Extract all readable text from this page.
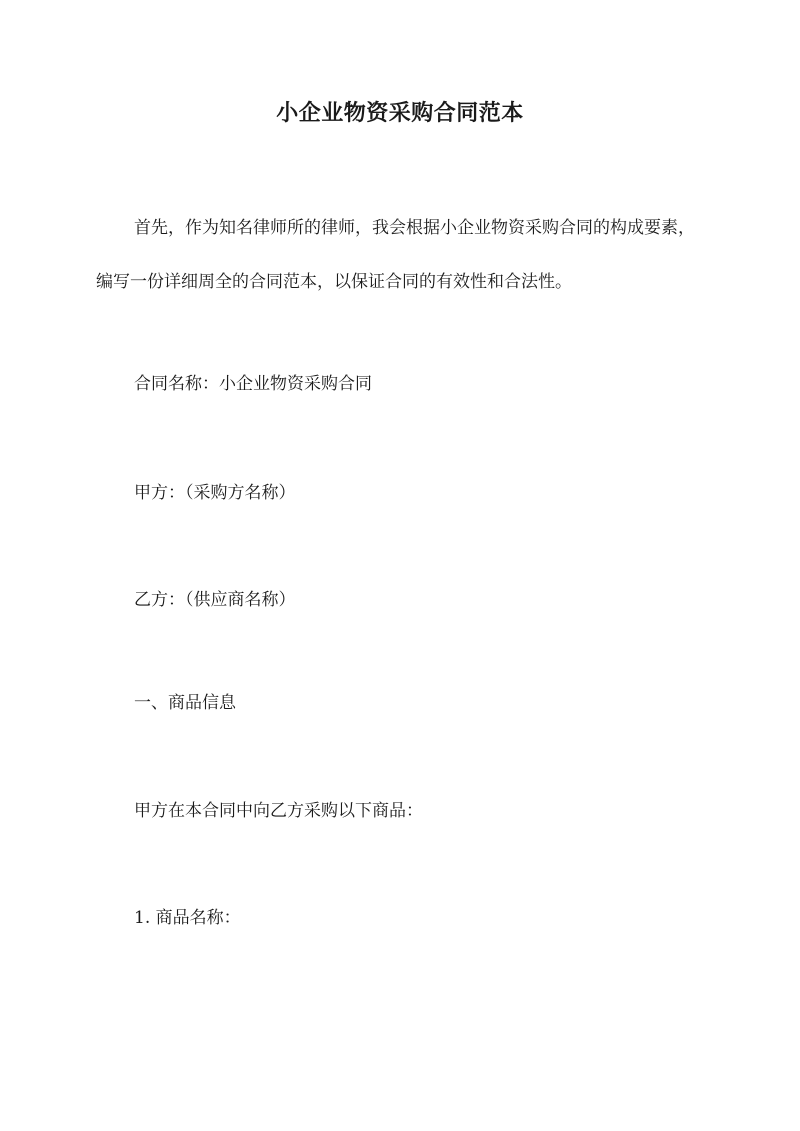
小企业物资采购合同范本

首先，作为知名律师所的律师，我会根据小企业物资采购合同的构成要素，编写一份详细周全的合同范本，以保证合同的有效性和合法性。

合同名称：小企业物资采购合同
甲方：（采购方名称）
乙方：（供应商名称）
一、商品信息
甲方在本合同中向乙方采购以下商品：
1. 商品名称：
